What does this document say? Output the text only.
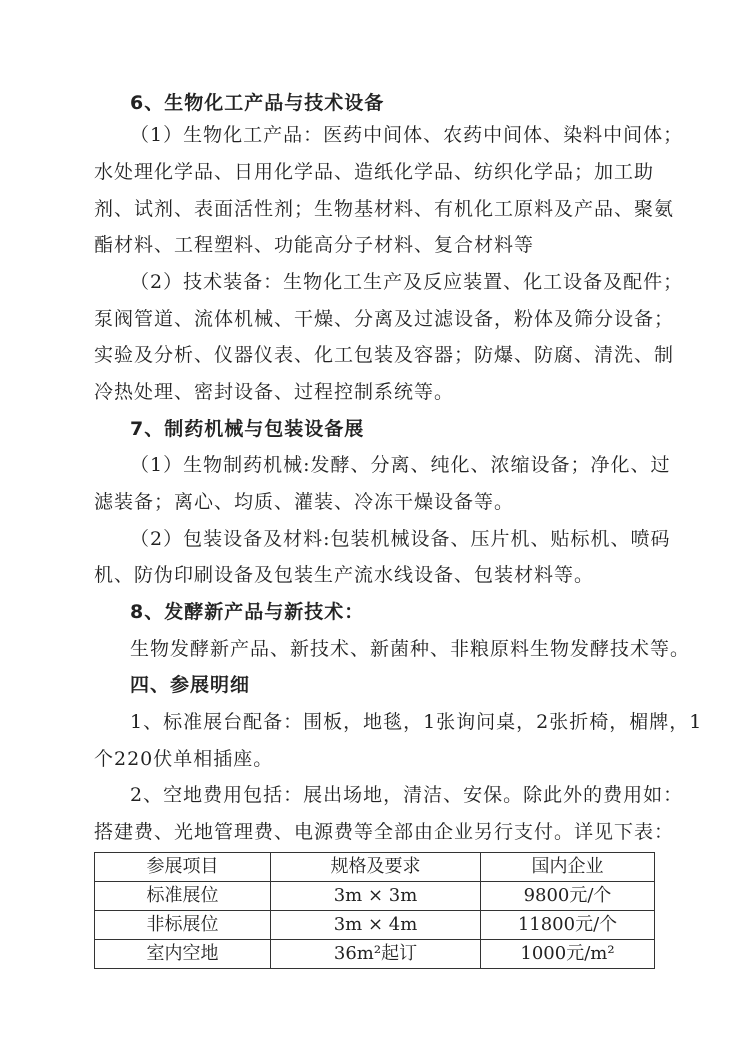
6、生物化工产品与技术设备
（1）生物化工产品：医药中间体、农药中间体、染料中间体；
水处理化学品、日用化学品、造纸化学品、纺织化学品；加工助
剂、试剂、表面活性剂；生物基材料、有机化工原料及产品、聚氨
酯材料、工程塑料、功能高分子材料、复合材料等
（2）技术装备：生物化工生产及反应装置、化工设备及配件；
泵阀管道、流体机械、干燥、分离及过滤设备，粉体及筛分设备；
实验及分析、仪器仪表、化工包装及容器；防爆、防腐、清洗、制
冷热处理、密封设备、过程控制系统等。
7、制药机械与包装设备展
（1）生物制药机械:发酵、分离、纯化、浓缩设备；净化、过
滤装备；离心、均质、灌装、冷冻干燥设备等。
（2）包装设备及材料:包装机械设备、压片机、贴标机、喷码
机、防伪印刷设备及包装生产流水线设备、包装材料等。
8、发酵新产品与新技术：
生物发酵新产品、新技术、新菌种、非粮原料生物发酵技术等。
四、参展明细
1、标准展台配备：围板，地毯，1张询问桌，2张折椅，楣牌，1
个220伏单相插座。
2、空地费用包括：展出场地，清洁、安保。除此外的费用如：
搭建费、光地管理费、电源费等全部由企业另行支付。详见下表：
参展项目	规格及要求	国内企业
标准展位	3m × 3m	9800元/个
非标展位	3m × 4m	11800元/个
室内空地	36m²起订	1000元/m²
